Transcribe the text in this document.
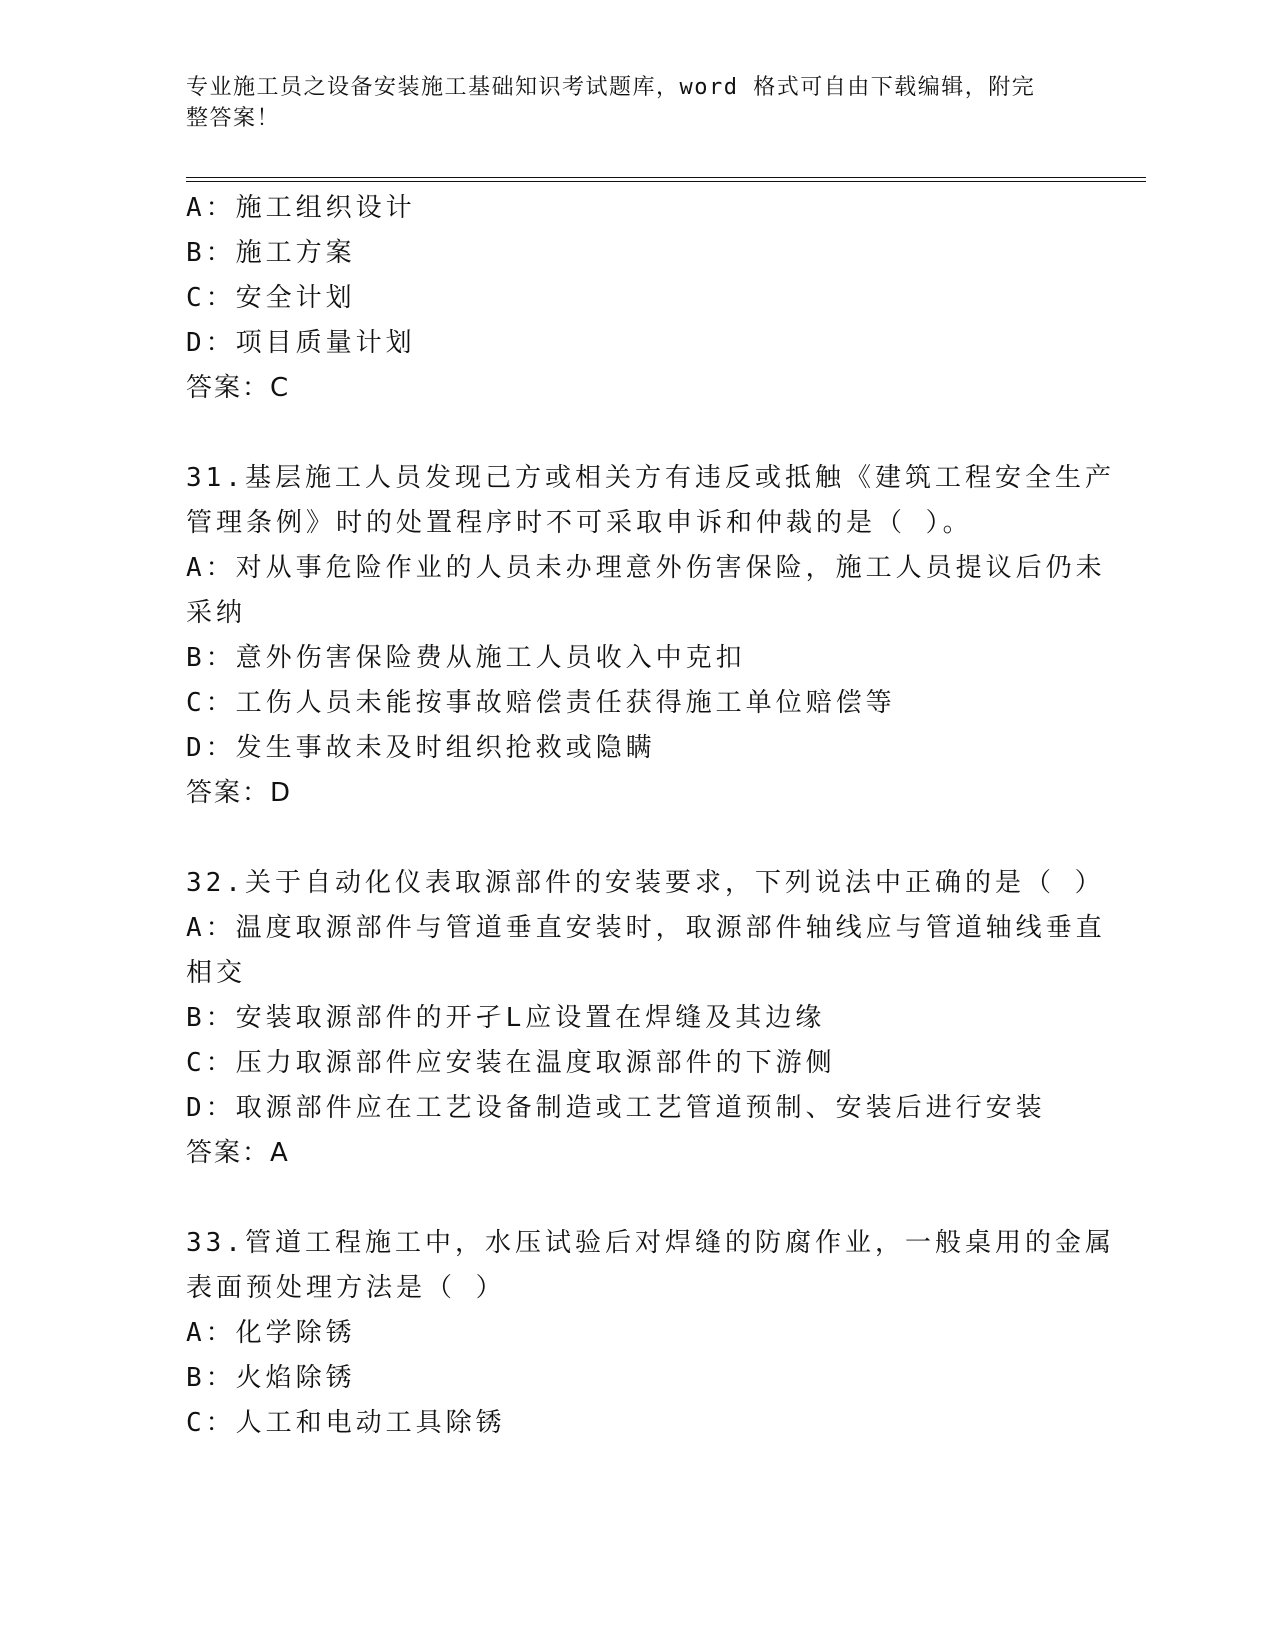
专业施工员之设备安装施工基础知识考试题库，word 格式可自由下载编辑，附完
整答案！
A：施工组织设计
B：施工方案
C：安全计划
D：项目质量计划
答案：C
31.基层施工人员发现己方或相关方有违反或抵触《建筑工程安全生产
管理条例》时的处置程序时不可采取申诉和仲裁的是（ ）。
A：对从事危险作业的人员未办理意外伤害保险，施工人员提议后仍未
采纳
B：意外伤害保险费从施工人员收入中克扣
C：工伤人员未能按事故赔偿责任获得施工单位赔偿等
D：发生事故未及时组织抢救或隐瞒
答案：D
32.关于自动化仪表取源部件的安装要求，下列说法中正确的是（ ）
A：温度取源部件与管道垂直安装时，取源部件轴线应与管道轴线垂直
相交
B：安装取源部件的开孑L应设置在焊缝及其边缘
C：压力取源部件应安装在温度取源部件的下游侧
D：取源部件应在工艺设备制造或工艺管道预制、安装后进行安装
答案：A
33.管道工程施工中，水压试验后对焊缝的防腐作业，一般桌用的金属
表面预处理方法是（ ）
A：化学除锈
B：火焰除锈
C：人工和电动工具除锈
